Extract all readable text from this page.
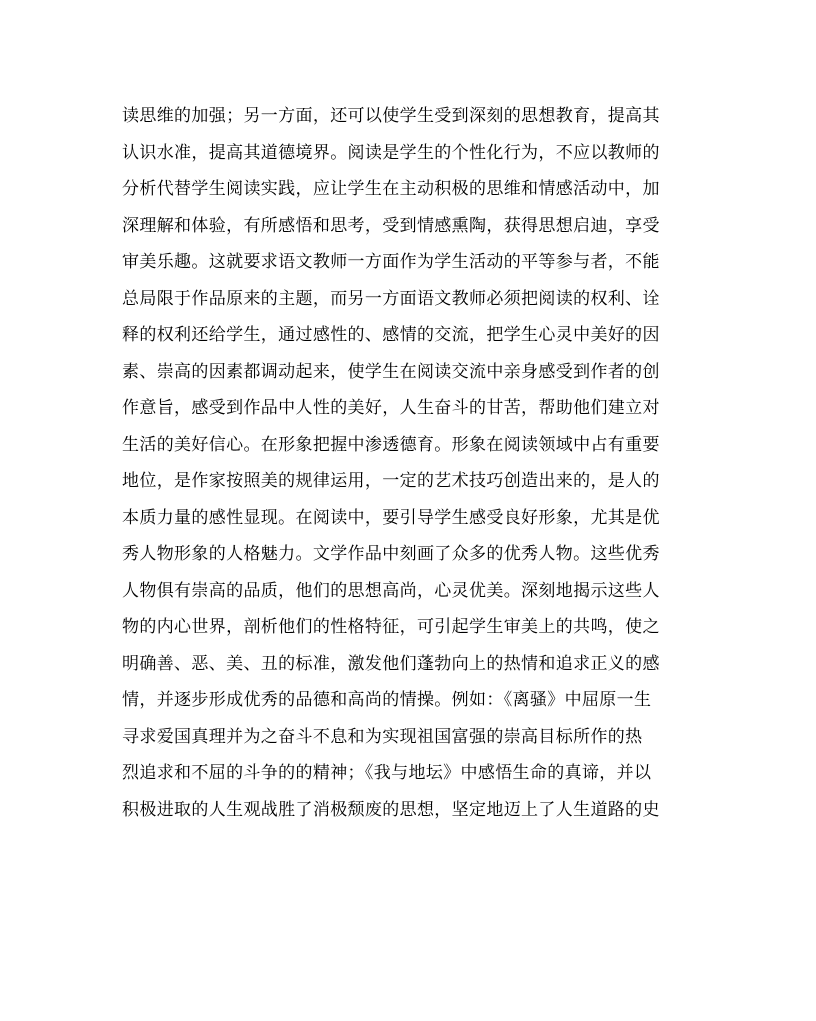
读思维的加强；另一方面，还可以使学生受到深刻的思想教育，提高其
认识水准，提高其道德境界。阅读是学生的个性化行为，不应以教师的
分析代替学生阅读实践，应让学生在主动积极的思维和情感活动中，加
深理解和体验，有所感悟和思考，受到情感熏陶，获得思想启迪，享受
审美乐趣。这就要求语文教师一方面作为学生活动的平等参与者，不能
总局限于作品原来的主题，而另一方面语文教师必须把阅读的权利、诠
释的权利还给学生，通过感性的、感情的交流，把学生心灵中美好的因
素、崇高的因素都调动起来，使学生在阅读交流中亲身感受到作者的创
作意旨，感受到作品中人性的美好，人生奋斗的甘苦，帮助他们建立对
生活的美好信心。在形象把握中渗透德育。形象在阅读领域中占有重要
地位，是作家按照美的规律运用，一定的艺术技巧创造出来的，是人的
本质力量的感性显现。在阅读中，要引导学生感受良好形象，尤其是优
秀人物形象的人格魅力。文学作品中刻画了众多的优秀人物。这些优秀
人物俱有崇高的品质，他们的思想高尚，心灵优美。深刻地揭示这些人
物的内心世界，剖析他们的性格特征，可引起学生审美上的共鸣，使之
明确善、恶、美、丑的标准，激发他们蓬勃向上的热情和追求正义的感
情，并逐步形成优秀的品德和高尚的情操。例如：《离骚》中屈原一生
寻求爱国真理并为之奋斗不息和为实现祖国富强的崇高目标所作的热
烈追求和不屈的斗争的的精神；《我与地坛》中感悟生命的真谛，并以
积极进取的人生观战胜了消极颓废的思想，坚定地迈上了人生道路的史
